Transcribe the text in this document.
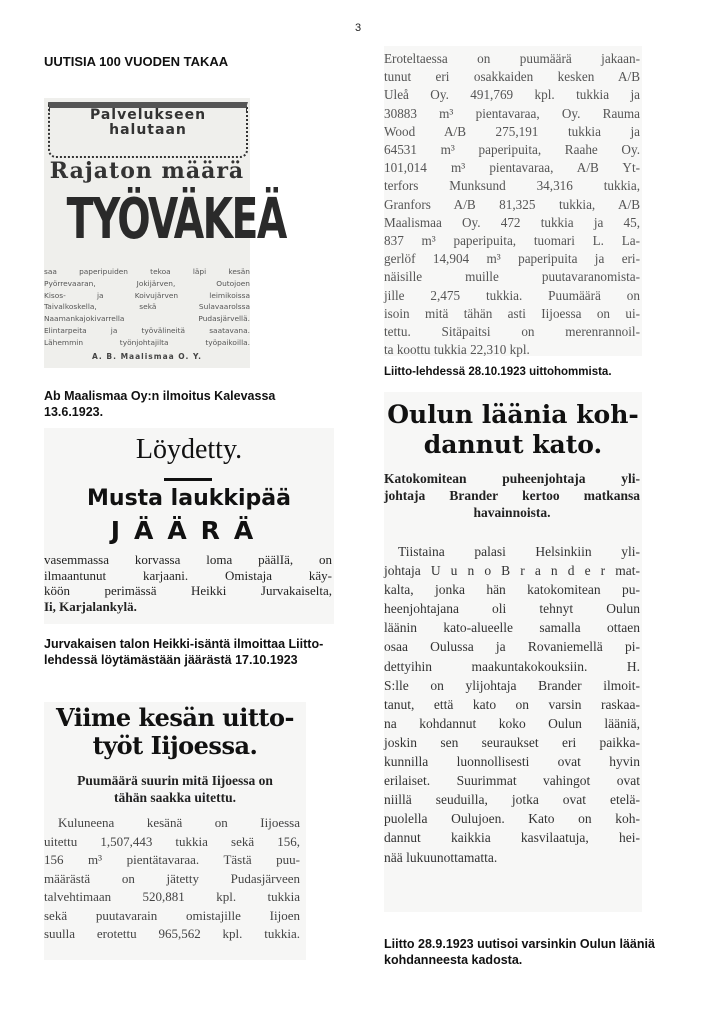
3
UUTISIA 100 VUODEN TAKAA
Palvelukseen
halutaan
Rajaton määrä
TYÖVÄKEÄ
saa paperipuiden tekoa läpi kesän
Pyörrevaaran, Jokijärven, Outojoen
Kisos- ja Koivujärven leimikoissa
Taivalkoskella, sekä Sulavaarolssa
Naamankajokivarrella Pudasjärvellä.
Elintarpeita ja työvälineitä saatavana.
Lähemmin työnjohtajilta työpaikoilla.
A. B. Maalismaa O. Y.
Ab Maalismaa Oy:n ilmoitus Kalevassa 13.6.1923.
Löydetty.
Musta laukkipää
JÄÄRÄ
vasemmassa korvassa loma päälIä, on
ilmaantunut karjaani. Omistaja käy-
köön perimässä Heikki Jurvakaiselta,
Ii, Karjalankylä.
Jurvakaisen talon Heikki-isäntä ilmoittaa Liitto-lehdessä löytämästään jäärästä 17.10.1923
Viime kesän uitto-
työt Iijoessa.
Puumäärä suurin mitä Iijoessa on
tähän saakka uitettu.
Kuluneena kesänä on Iijoessa
uitettu 1,507,443 tukkia sekä 156,
156 m³ pientätavaraa. Tästä puu-
määrästä on jätetty Pudasjärveen
talvehtimaan 520,881 kpl. tukkia
sekä puutavarain omistajille Iijoen
suulla erotettu 965,562 kpl. tukkia.
Eroteltaessa on puumäärä jakaan-
tunut eri osakkaiden kesken A/B
Uleå Oy. 491,769 kpl. tukkia ja
30883 m³ pientavaraa, Oy. Rauma
Wood A/B 275,191 tukkia ja
64531 m³ paperipuita, Raahe Oy.
101,014 m³ pientavaraa, A/B Yt-
terfors Munksund 34,316 tukkia,
Granfors A/B 81,325 tukkia, A/B
Maalismaa Oy. 472 tukkia ja 45,
837 m³ paperipuita, tuomari L. La-
gerlöf 14,904 m³ paperipuita ja eri-
näisille muille puutavaranomista-
jille 2,475 tukkia. Puumäärä on
isoin mitä tähän asti Iijoessa on ui-
tettu. Sitäpaitsi on merenrannoil-
ta koottu tukkia 22,310 kpl.
Liitto-lehdessä 28.10.1923 uittohommista.
Oulun läänia koh-
dannut kato.
Katokomitean puheenjohtaja yli-
johtaja Brander kertoo matkansa
havainnoista.
Tiistaina palasi Helsinkiin yli-
johtaja U u n o B r a n d e r mat-
kalta, jonka hän katokomitean pu-
heenjohtajana oli tehnyt Oulun
läänin kato-alueelle samalla ottaen
osaa Oulussa ja Rovaniemellä pi-
dettyihin maakuntakokouksiin. H.
S:lle on ylijohtaja Brander ilmoit-
tanut, että kato on varsin raskaa-
na kohdannut koko Oulun lääniä,
joskin sen seuraukset eri paikka-
kunnilla luonnollisesti ovat hyvin
erilaiset. Suurimmat vahingot ovat
niillä seuduilla, jotka ovat etelä-
puolella Oulujoen. Kato on koh-
dannut kaikkia kasvilaatuja, hei-
nää lukuunottamatta.
Liitto 28.9.1923 uutisoi varsinkin Oulun lääniä kohdanneesta kadosta.
